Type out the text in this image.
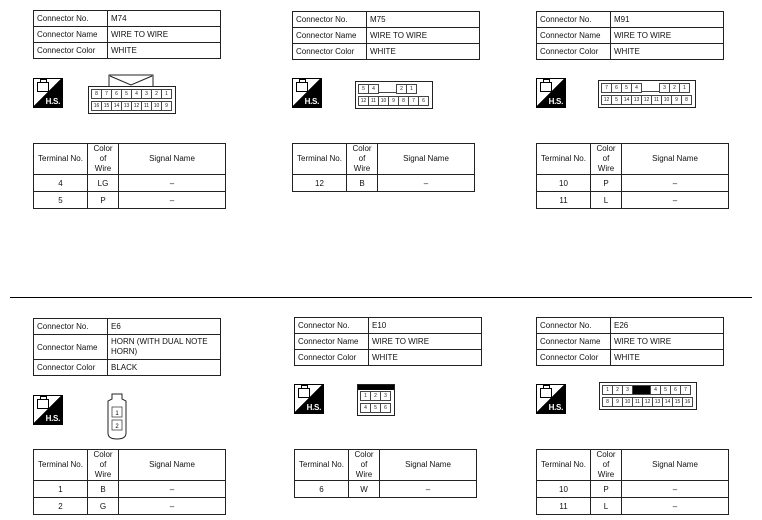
Connector No.	M74
Connector Name	WIRE TO WIRE
Connector Color	WHITE
H.S.
8	7	6	5	4	3	2	1
16 15 14 13 12 11 10	9
Terminal No.	Color of Wire	Signal Name
4	LG	–
5	P	–
Connector No.	M75
Connector Name	WIRE TO WIRE
Connector Color	WHITE
H.S.
5	4	2	1
12 11 10	9	8	7	6
Terminal No.	Color of Wire	Signal Name
12	B	–
Connector No.	M91
Connector Name	WIRE TO WIRE
Connector Color	WHITE
H.S.
7	6	5	4	3	2	1
12	5	14 13 12 11 10	9	8
Terminal No.	Color of Wire	Signal Name
10	P	–
11	L	–
Connector No.	E6
Connector Name	HORN (WITH DUAL NOTE HORN)
Connector Color	BLACK
H.S.	1
2
Terminal No.	Color of Wire	Signal Name
1	B	–
2	G	–
Connector No.	E10
Connector Name	WIRE TO WIRE
Connector Color	WHITE
H.S.
1	2	3
4	5	6
Terminal No.	Color of Wire	Signal Name
6	W	–
Connector No.	E26
Connector Name	WIRE TO WIRE
Connector Color	WHITE
H.S.
1	2	3	4	5	6	7
8	9	10 11 12 13 14 15 16
Terminal No.	Color of Wire	Signal Name
10	P	–
11	L	–
